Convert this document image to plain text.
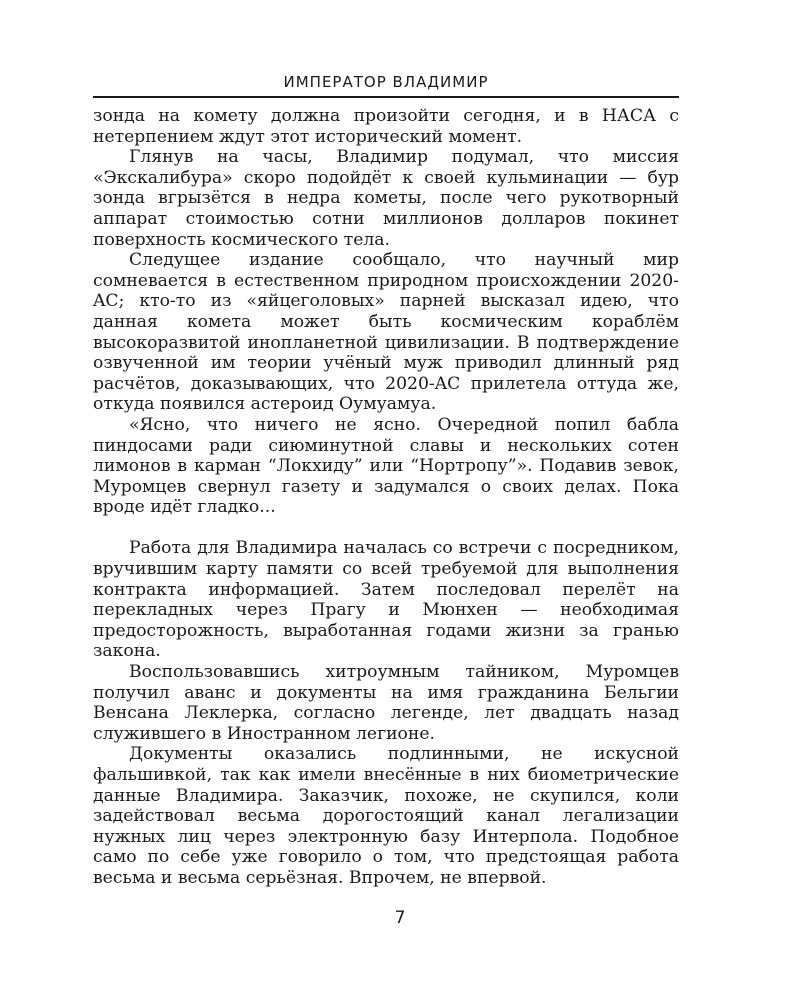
ИМПЕРАТОР ВЛАДИМИР

зонда на комету должна произойти сегодня, и в НАСА с нетерпением ждут этот исторический момент.

Глянув на часы, Владимир подумал, что миссия «Экскалибура» скоро подойдёт к своей кульминации — бур зонда вгрызётся в недра кометы, после чего рукотворный аппарат стоимостью сотни миллионов долларов покинет поверхность космического тела.

Следущее издание сообщало, что научный мир сомневается в естественном природном происхождении 2020-AC; кто-то из «яйцеголовых» парней высказал идею, что данная комета может быть космическим кораблём высокоразвитой инопланетной цивилизации. В подтверждение озвученной им теории учёный муж приводил длинный ряд расчётов, доказывающих, что 2020-AC прилетела оттуда же, откуда появился астероид Оумуамуа.

«Ясно, что ничего не ясно. Очередной попил бабла пиндосами ради сиюминутной славы и нескольких сотен лимонов в карман “Локхиду” или “Нортропу”». Подавив зевок, Муромцев свернул газету и задумался о своих делах. Пока вроде идёт гладко...

Работа для Владимира началась со встречи с посредником, вручившим карту памяти со всей требуемой для выполнения контракта информацией. Затем последовал перелёт на перекладных через Прагу и Мюнхен — необходимая предосторожность, выработанная годами жизни за гранью закона.

Воспользовавшись хитроумным тайником, Муромцев получил аванс и документы на имя гражданина Бельгии Венсана Леклерка, согласно легенде, лет двадцать назад служившего в Иностранном легионе.

Документы оказались подлинными, не искусной фальшивкой, так как имели внесённые в них биометрические данные Владимира. Заказчик, похоже, не скупился, коли задействовал весьма дорогостоящий канал легализации нужных лиц через электронную базу Интерпола. Подобное само по себе уже говорило о том, что предстоящая работа весьма и весьма серьёзная. Впрочем, не впервой.

7
